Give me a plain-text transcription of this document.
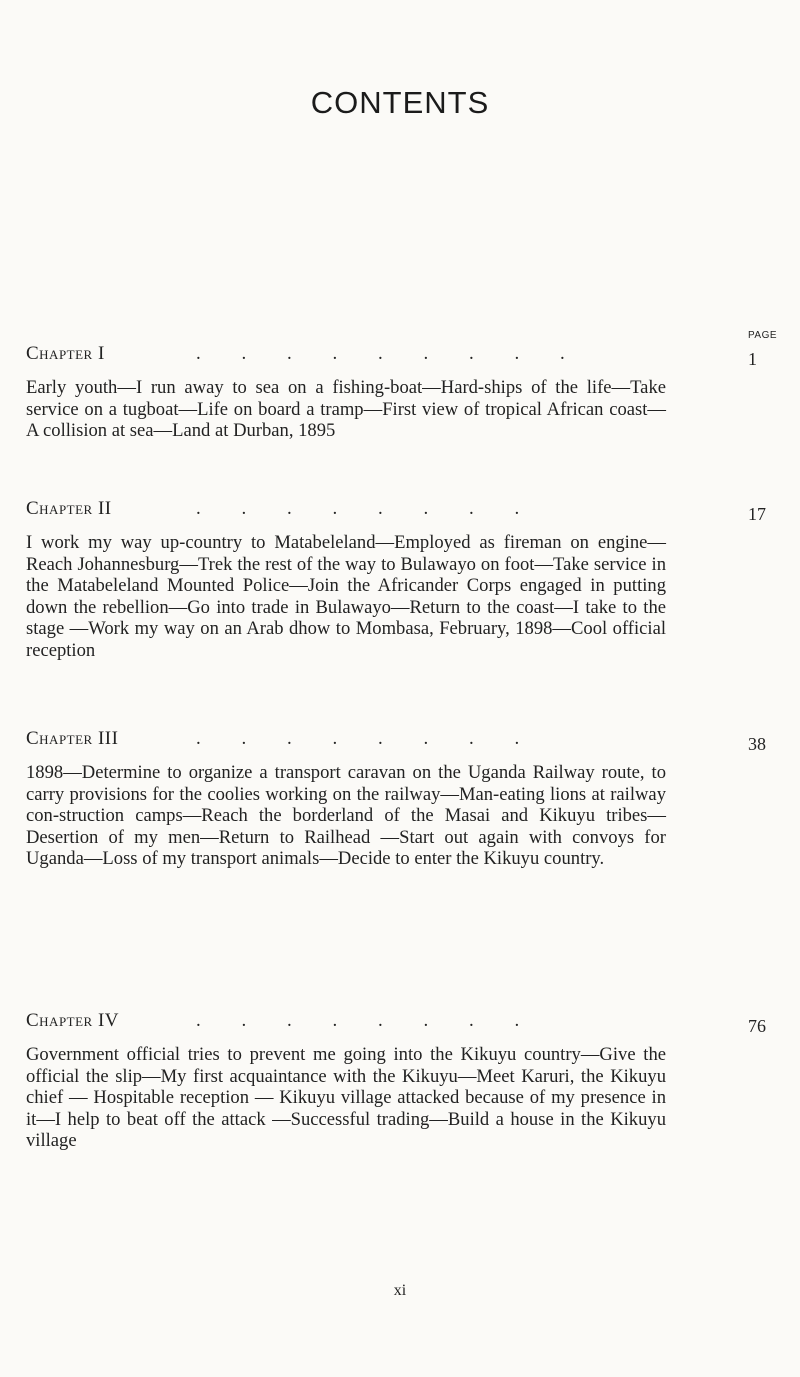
CONTENTS
PAGE
Chapter I	. . . . . . . . .	1

Early youth—I run away to sea on a fishing-boat—Hard-ships of the life—Take service on a tugboat—Life on board a tramp—First view of tropical African coast—A collision at sea—Land at Durban, 1895

Chapter II	. . . . . . . .	17

I work my way up-country to Matabeleland—Employed as fireman on engine—Reach Johannesburg—Trek the rest of the way to Bulawayo on foot—Take service in the Matabeleland Mounted Police—Join the Africander Corps engaged in putting down the rebellion—Go into trade in Bulawayo—Return to the coast—I take to the stage —Work my way on an Arab dhow to Mombasa, February, 1898—Cool official reception

Chapter III	. . . . . . . .	38

1898—Determine to organize a transport caravan on the Uganda Railway route, to carry provisions for the coolies working on the railway—Man-eating lions at railway con-struction camps—Reach the borderland of the Masai and Kikuyu tribes—Desertion of my men—Return to Railhead —Start out again with convoys for Uganda—Loss of my transport animals—Decide to enter the Kikuyu country.

Chapter IV	. . . . . . . .	76

Government official tries to prevent me going into the Kikuyu country—Give the official the slip—My first acquaintance with the Kikuyu—Meet Karuri, the Kikuyu chief — Hospitable reception — Kikuyu village attacked because of my presence in it—I help to beat off the attack —Successful trading—Build a house in the Kikuyu village

xi
